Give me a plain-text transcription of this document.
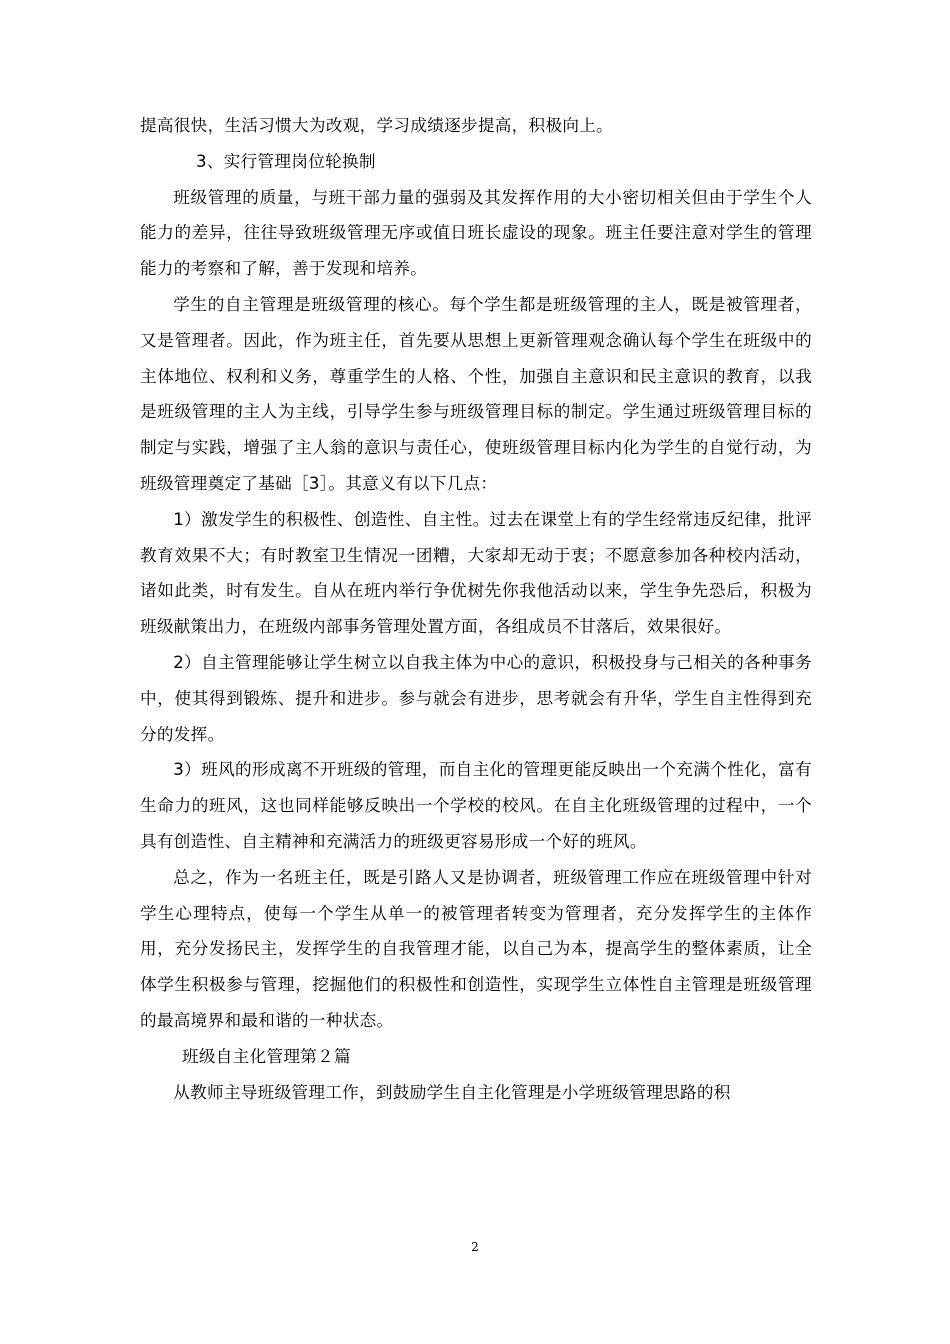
提高很快，生活习惯大为改观，学习成绩逐步提高，积极向上。

3、实行管理岗位轮换制

班级管理的质量，与班干部力量的强弱及其发挥作用的大小密切相关但由于学生个人能力的差异，往往导致班级管理无序或值日班长虚设的现象。班主任要注意对学生的管理能力的考察和了解，善于发现和培养。

学生的自主管理是班级管理的核心。每个学生都是班级管理的主人，既是被管理者，又是管理者。因此，作为班主任，首先要从思想上更新管理观念确认每个学生在班级中的主体地位、权利和义务，尊重学生的人格、个性，加强自主意识和民主意识的教育，以我是班级管理的主人为主线，引导学生参与班级管理目标的制定。学生通过班级管理目标的制定与实践，增强了主人翁的意识与责任心，使班级管理目标内化为学生的自觉行动，为班级管理奠定了基础［3］。其意义有以下几点：

1）激发学生的积极性、创造性、自主性。过去在课堂上有的学生经常违反纪律，批评教育效果不大；有时教室卫生情况一团糟，大家却无动于衷；不愿意参加各种校内活动，诸如此类，时有发生。自从在班内举行争优树先你我他活动以来，学生争先恐后，积极为班级献策出力，在班级内部事务管理处置方面，各组成员不甘落后，效果很好。

2）自主管理能够让学生树立以自我主体为中心的意识，积极投身与己相关的各种事务中，使其得到锻炼、提升和进步。参与就会有进步，思考就会有升华，学生自主性得到充分的发挥。

3）班风的形成离不开班级的管理，而自主化的管理更能反映出一个充满个性化，富有生命力的班风，这也同样能够反映出一个学校的校风。在自主化班级管理的过程中，一个具有创造性、自主精神和充满活力的班级更容易形成一个好的班风。

总之，作为一名班主任，既是引路人又是协调者，班级管理工作应在班级管理中针对学生心理特点，使每一个学生从单一的被管理者转变为管理者，充分发挥学生的主体作用，充分发扬民主，发挥学生的自我管理才能，以自己为本，提高学生的整体素质，让全体学生积极参与管理，挖掘他们的积极性和创造性，实现学生立体性自主管理是班级管理的最高境界和最和谐的一种状态。

班级自主化管理第２篇

从教师主导班级管理工作，到鼓励学生自主化管理是小学班级管理思路的积

2
